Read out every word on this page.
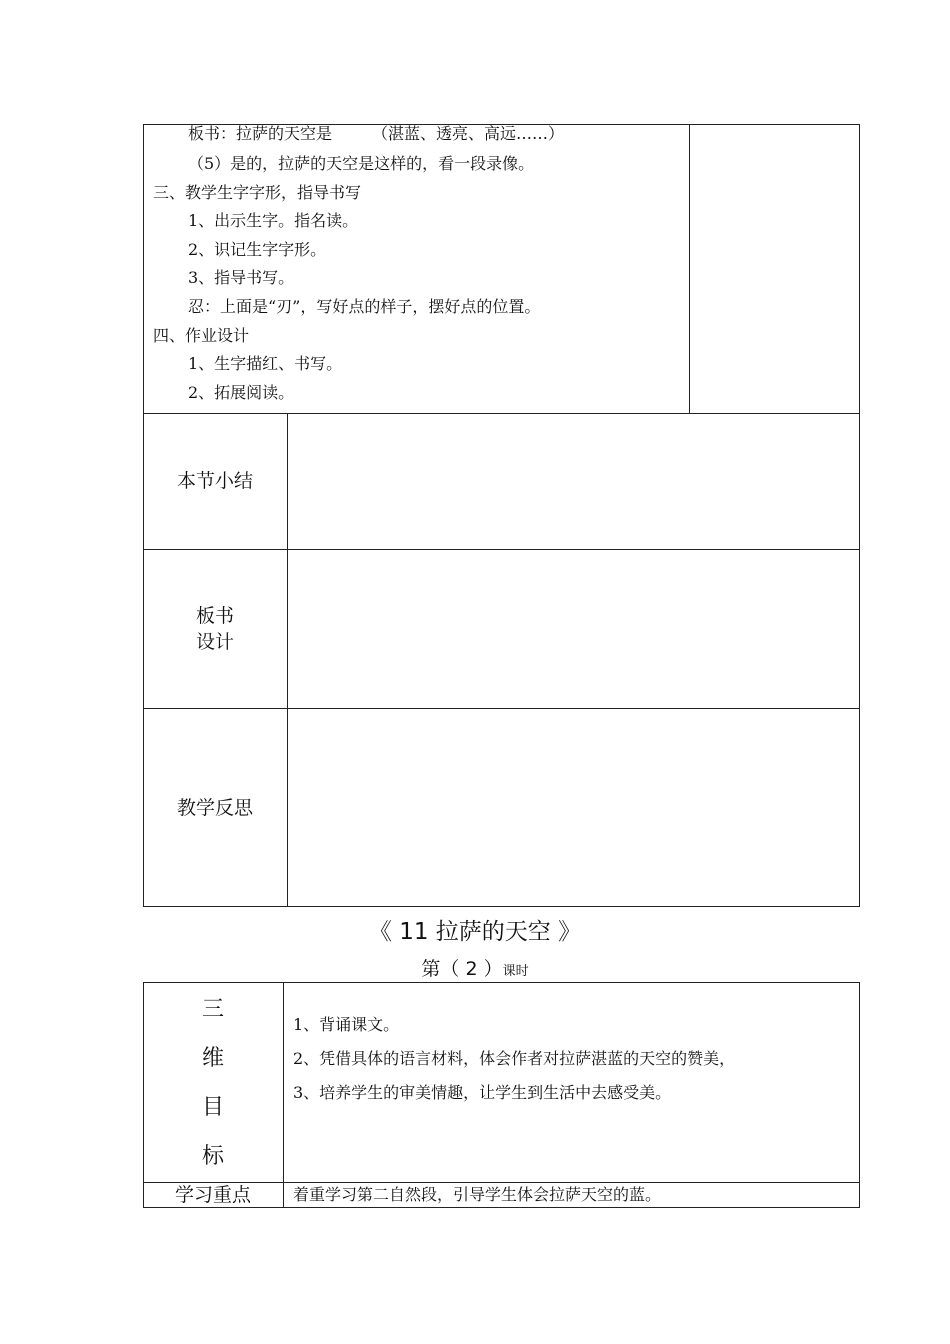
板书：拉萨的天空是　　　（湛蓝、透亮、高远……）
（5）是的，拉萨的天空是这样的，看一段录像。
三、教学生字字形，指导书写
1、出示生字。指名读。
2、识记生字字形。
3、指导书写。
忍：上面是“刃”，写好点的样子，摆好点的位置。
四、作业设计
1、生字描红、书写。
2、拓展阅读。
本节小结
板书
设计
教学反思
《 11 拉萨的天空 》
第（ 2 ）课时
三
维
目
标
1、背诵课文。
2、凭借具体的语言材料，体会作者对拉萨湛蓝的天空的赞美，
3、培养学生的审美情趣，让学生到生活中去感受美。
学习重点	着重学习第二自然段，引导学生体会拉萨天空的蓝。
